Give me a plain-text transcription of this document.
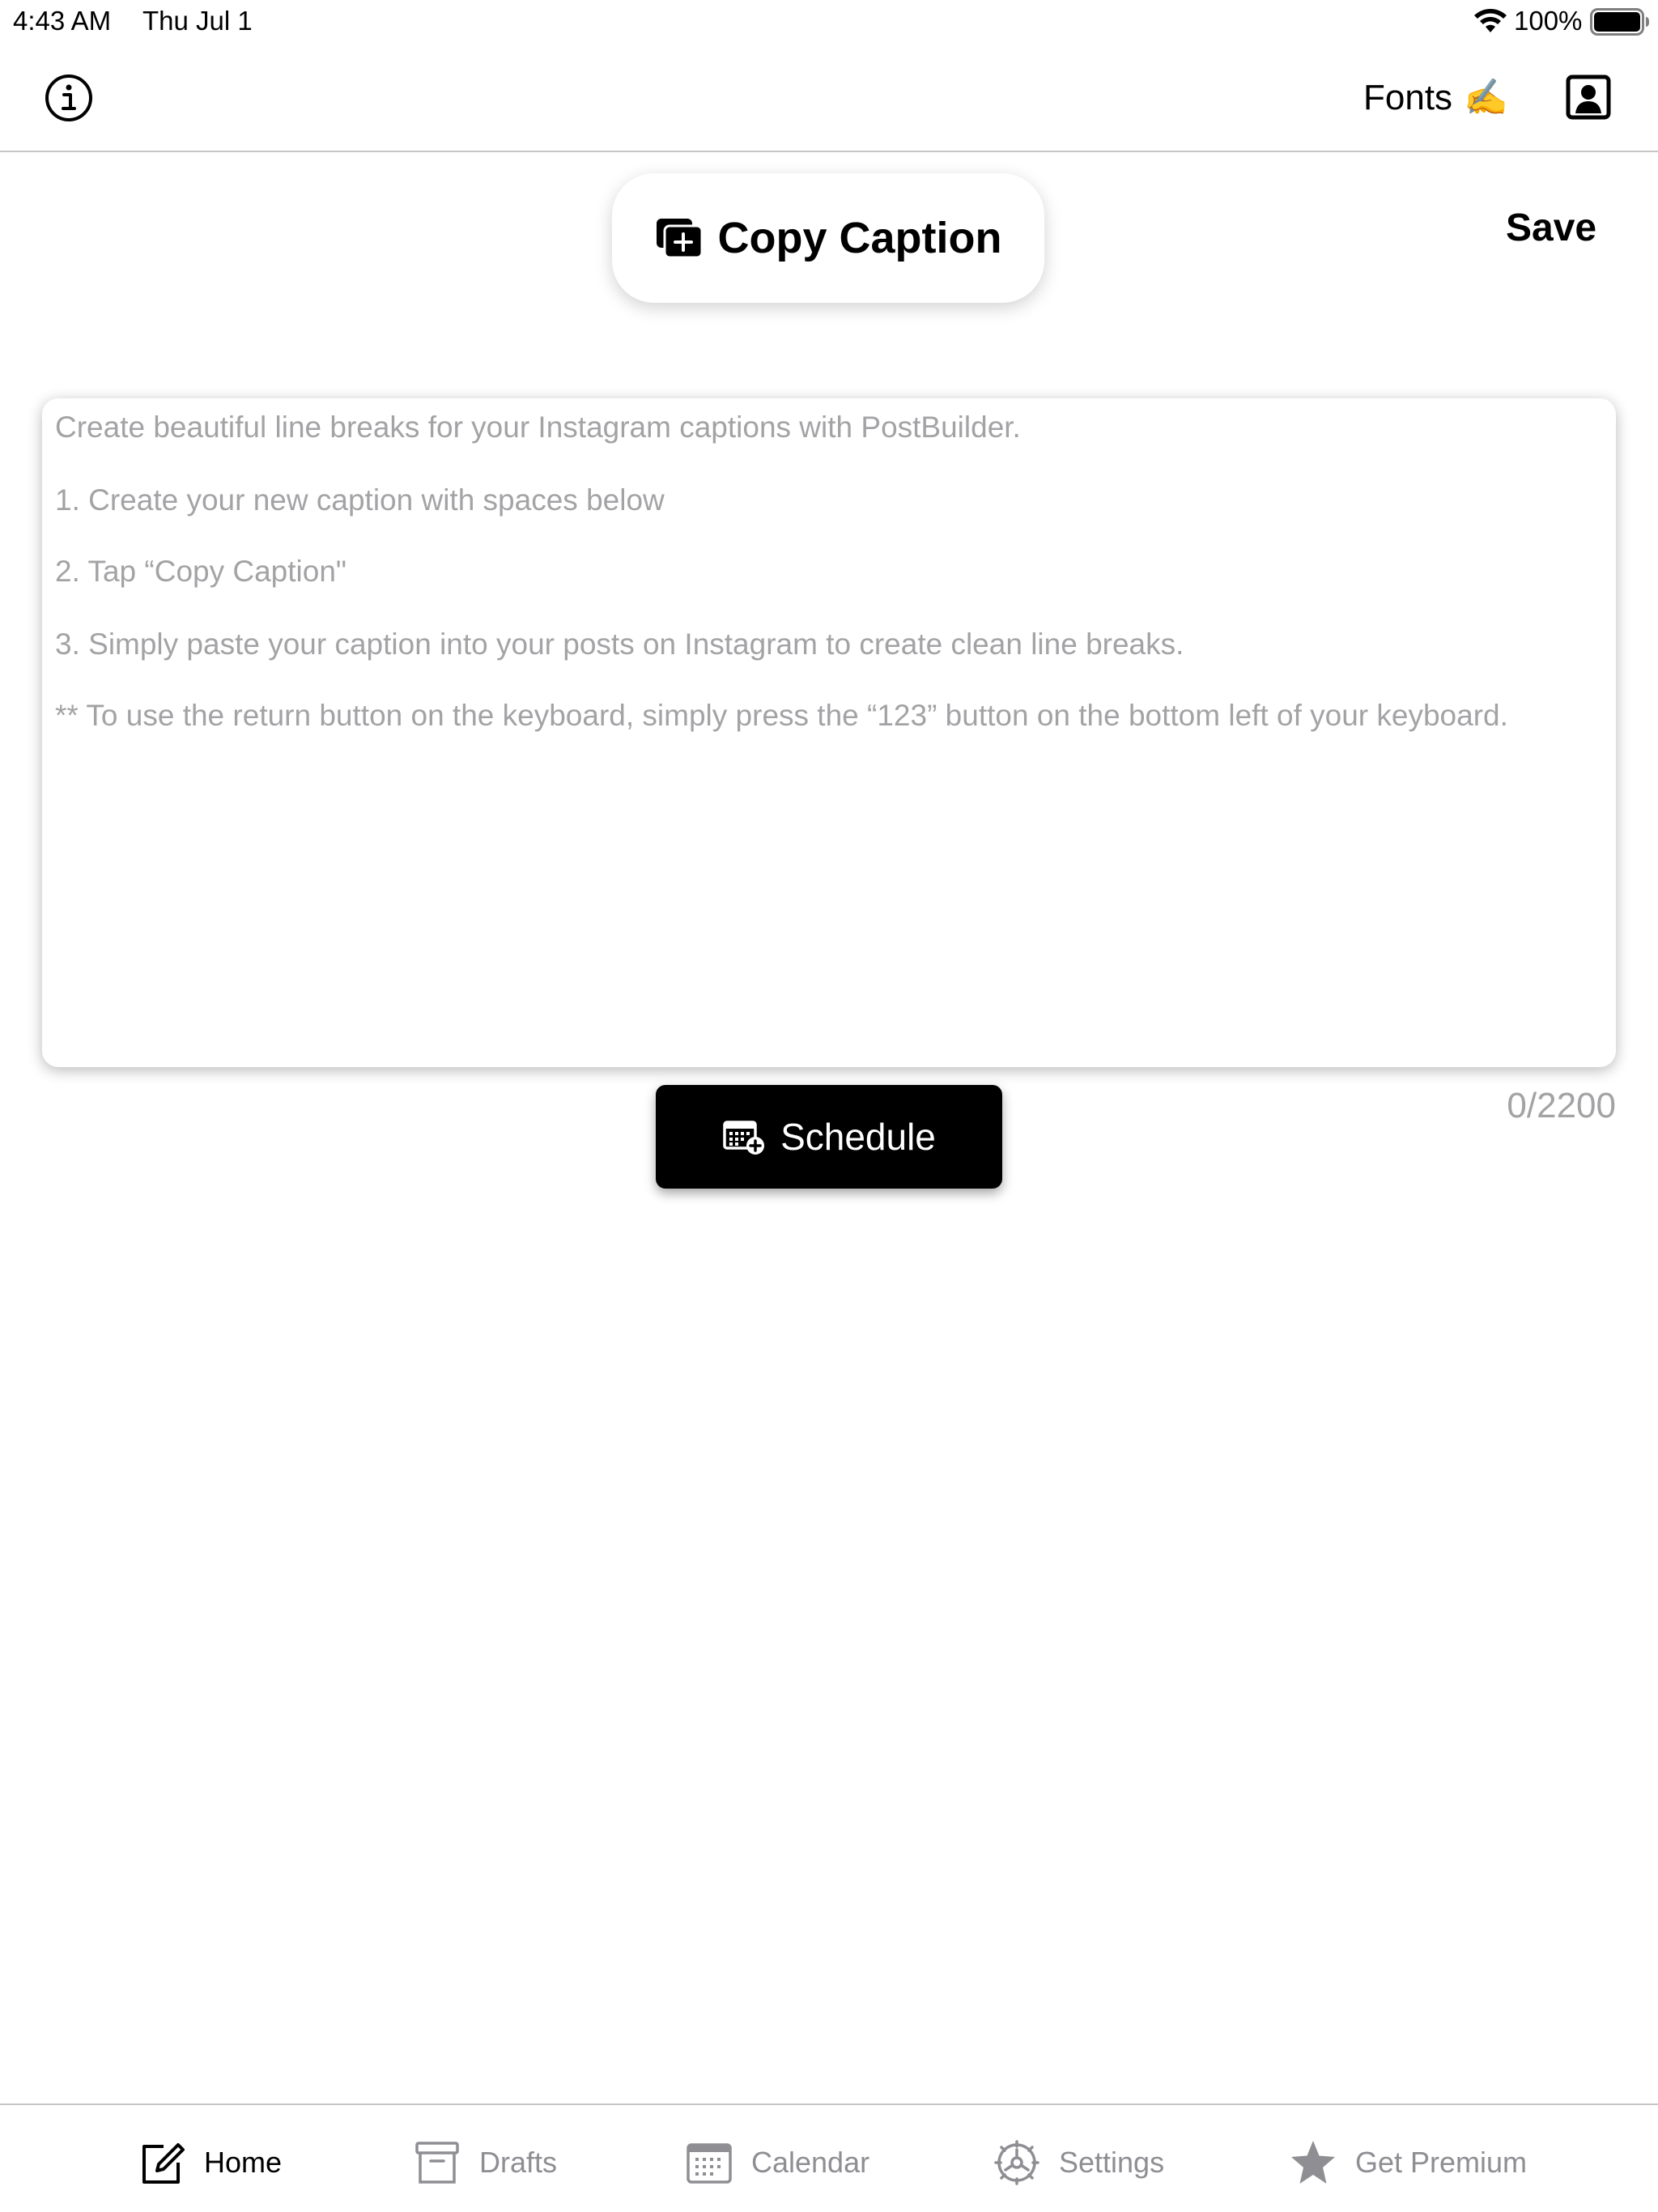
4:43 AM Thu Jul 1	100%
Fonts ✍️
Copy Caption	Save

Create beautiful line breaks for your Instagram captions with PostBuilder.

1. Create your new caption with spaces below

2. Tap “Copy Caption"

3. Simply paste your caption into your posts on Instagram to create clean line breaks.

** To use the return button on the keyboard, simply press the “123” button on the bottom left of your keyboard.

0/2200
Schedule
Home	Drafts	Calendar	Settings	Get Premium
